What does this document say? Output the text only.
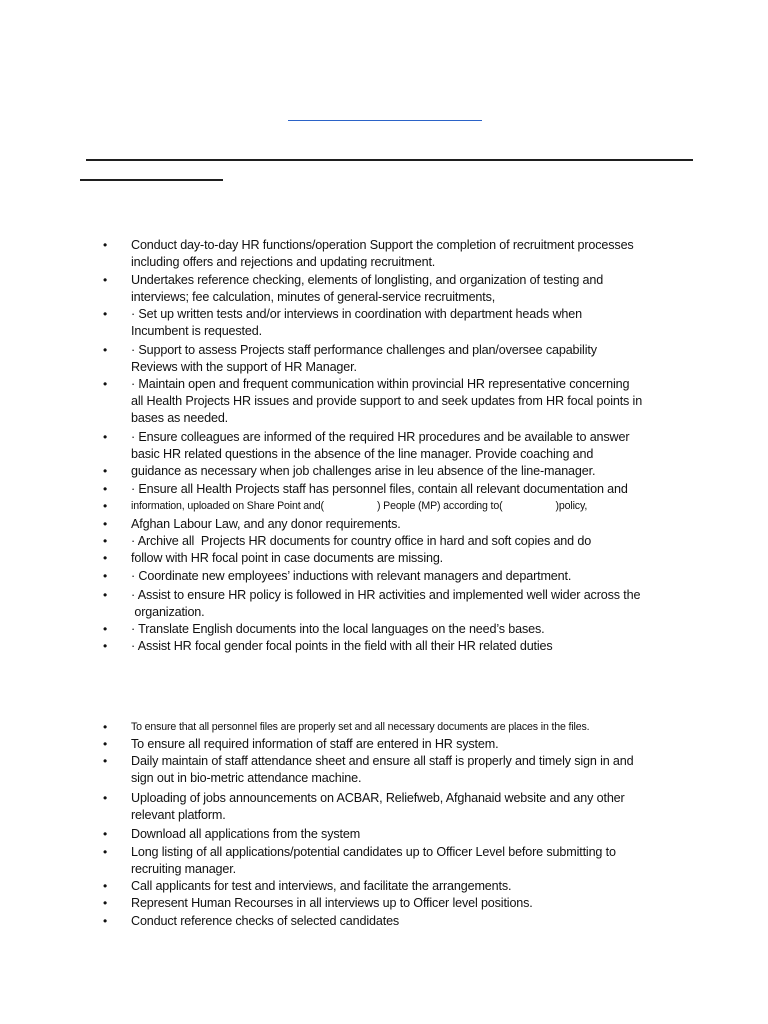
• Conduct day-to-day HR functions/operation Support the completion of recruitment processes
including offers and rejections and updating recruitment.
• Undertakes reference checking, elements of longlisting, and organization of testing and
interviews; fee calculation, minutes of general-service recruitments,
• · Set up written tests and/or interviews in coordination with department heads when
Incumbent is requested.
• · Support to assess Projects staff performance challenges and plan/oversee capability
Reviews with the support of HR Manager.
• · Maintain open and frequent communication within provincial HR representative concerning
all Health Projects HR issues and provide support to and seek updates from HR focal points in
bases as needed.
• · Ensure colleagues are informed of the required HR procedures and be available to answer
basic HR related questions in the absence of the line manager. Provide coaching and
• guidance as necessary when job challenges arise in leu absence of the line-manager.
• · Ensure all Health Projects staff has personnel files, contain all relevant documentation and
• information, uploaded on Share Point and(                   ) People (MP) according to(                   )policy,
• Afghan Labour Law, and any donor requirements.
• · Archive all  Projects HR documents for country office in hard and soft copies and do
• follow with HR focal point in case documents are missing.
• · Coordinate new employees’ inductions with relevant managers and department.
• · Assist to ensure HR policy is followed in HR activities and implemented well wider across the
organization.
• · Translate English documents into the local languages on the need’s bases.
• · Assist HR focal gender focal points in the field with all their HR related duties
• To ensure that all personnel files are properly set and all necessary documents are places in the files.
• To ensure all required information of staff are entered in HR system.
• Daily maintain of staff attendance sheet and ensure all staff is properly and timely sign in and
sign out in bio-metric attendance machine.
• Uploading of jobs announcements on ACBAR, Reliefweb, Afghanaid website and any other
relevant platform.
• Download all applications from the system
• Long listing of all applications/potential candidates up to Officer Level before submitting to
recruiting manager.
• Call applicants for test and interviews, and facilitate the arrangements.
• Represent Human Recourses in all interviews up to Officer level positions.
• Conduct reference checks of selected candidates
